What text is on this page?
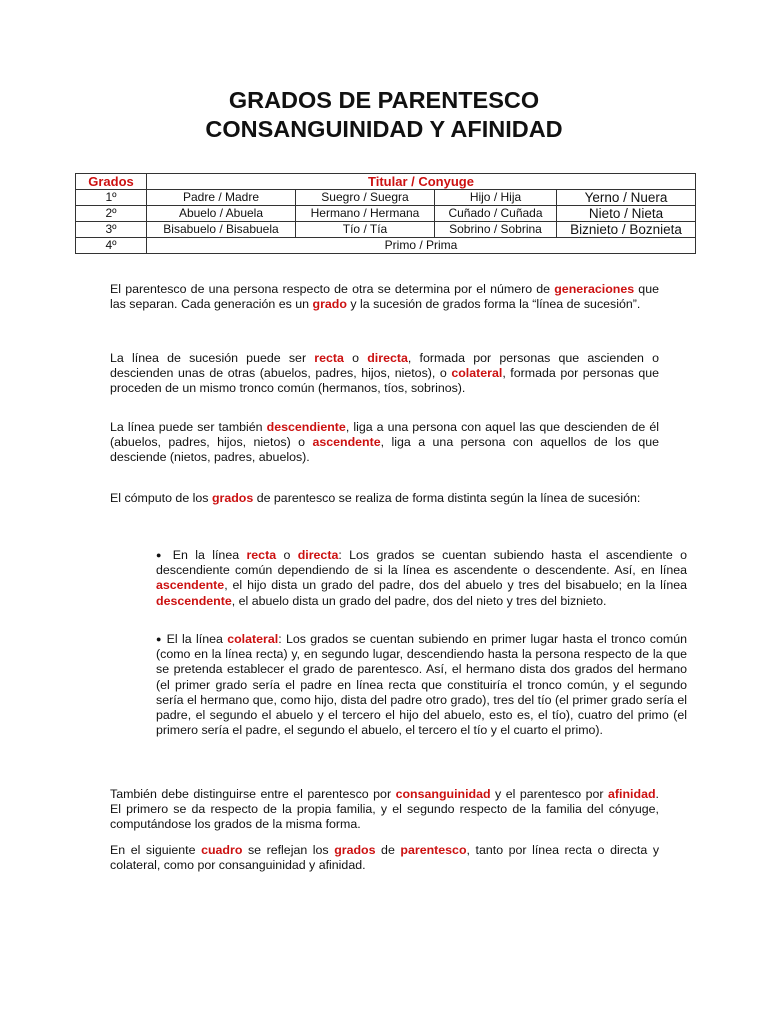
GRADOS DE PARENTESCO
CONSANGUINIDAD Y AFINIDAD
Grados	Titular / Conyuge			
1º	Padre / Madre	Suegro / Suegra	Hijo / Hija	Yerno / Nuera
2º	Abuelo / Abuela	Hermano / Hermana	Cuñado / Cuñada	Nieto / Nieta
3º	Bisabuelo / Bisabuela	Tío / Tía	Sobrino / Sobrina	Biznieto / Boznieta
4º	Primo / Prima			

El parentesco de una persona respecto de otra se determina por el número de generaciones que las separan. Cada generación es un grado y la sucesión de grados forma la “línea de sucesión”.

La línea de sucesión puede ser recta o directa, formada por personas que ascienden o descienden unas de otras (abuelos, padres, hijos, nietos), o colateral, formada por personas que proceden de un mismo tronco común (hermanos, tíos, sobrinos).

La línea puede ser también descendiente, liga a una persona con aquel las que descienden de él (abuelos, padres, hijos, nietos) o ascendente, liga a una persona con aquellos de los que desciende (nietos, padres, abuelos).

El cómputo de los grados de parentesco se realiza de forma distinta según la línea de sucesión:

● En la línea recta o directa: Los grados se cuentan subiendo hasta el ascendiente o descendiente común dependiendo de si la línea es ascendente o descendente. Así, en línea ascendente, el hijo dista un grado del padre, dos del abuelo y tres del bisabuelo; en la línea descendente, el abuelo dista un grado del padre, dos del nieto y tres del biznieto.

● El la línea colateral: Los grados se cuentan subiendo en primer lugar hasta el tronco común (como en la línea recta) y, en segundo lugar, descendiendo hasta la persona respecto de la que se pretenda establecer el grado de parentesco. Así, el hermano dista dos grados del hermano (el primer grado sería el padre en línea recta que constituiría el tronco común, y el segundo sería el hermano que, como hijo, dista del padre otro grado), tres del tío (el primer grado sería el padre, el segundo el abuelo y el tercero el hijo del abuelo, esto es, el tío), cuatro del primo (el primero sería el padre, el segundo el abuelo, el tercero el tío y el cuarto el primo).

También debe distinguirse entre el parentesco por consanguinidad y el parentesco por afinidad. El primero se da respecto de la propia familia, y el segundo respecto de la familia del cónyuge, computándose los grados de la misma forma.

En el siguiente cuadro se reflejan los grados de parentesco, tanto por línea recta o directa y colateral, como por consanguinidad y afinidad.
